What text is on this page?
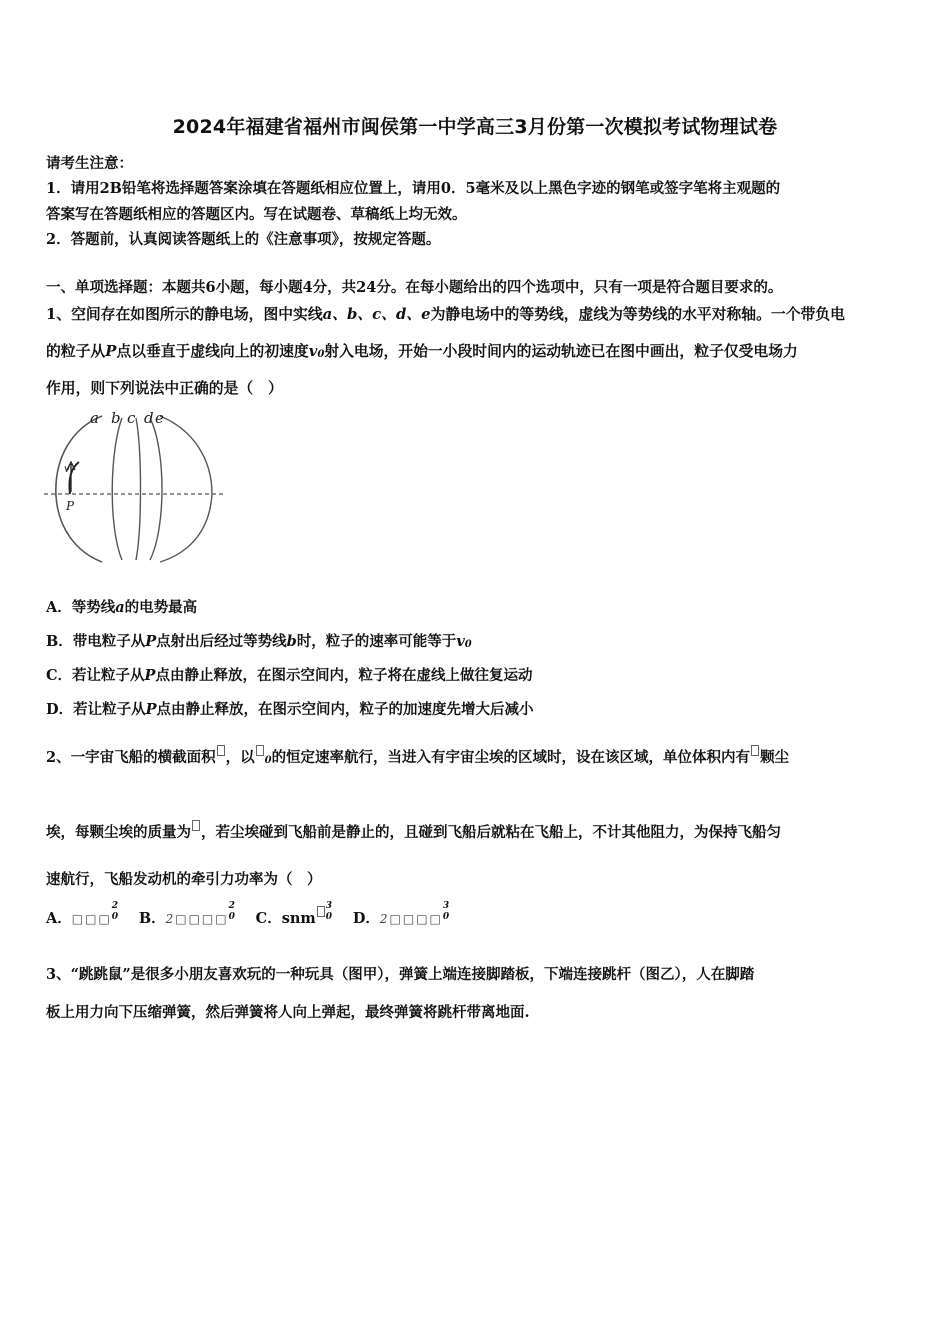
2024年福建省福州市闽侯第一中学高三3月份第一次模拟考试物理试卷
请考生注意：
1．请用2B铅笔将选择题答案涂填在答题纸相应位置上，请用0．5毫米及以上黑色字迹的钢笔或签字笔将主观题的
答案写在答题纸相应的答题区内。写在试题卷、草稿纸上均无效。
2．答题前，认真阅读答题纸上的《注意事项》，按规定答题。
一、单项选择题：本题共6小题，每小题4分，共24分。在每小题给出的四个选项中，只有一项是符合题目要求的。
1、空间存在如图所示的静电场，图中实线a、b、c、d、e为静电场中的等势线，虚线为等势线的水平对称轴。一个带负电
的粒子从P点以垂直于虚线向上的初速度v0射入电场，开始一小段时间内的运动轨迹已在图中画出，粒子仅受电场力
作用，则下列说法中正确的是（　）
a b c d e
v
P
A．等势线a的电势最高
B．带电粒子从P点射出后经过等势线b时，粒子的速率可能等于v0
C．若让粒子从P点由静止释放，在图示空间内，粒子将在虚线上做往复运动
D．若让粒子从P点由静止释放，在图示空间内，粒子的加速度先增大后减小
2、一宇宙飞船的横截面积 ，以 0的恒定速率航行，当进入有宇宙尘埃的区域时，设在该区域，单位体积内有 颗尘
埃，每颗尘埃的质量为 ，若尘埃碰到飞船前是静止的，且碰到飞船后就粘在飞船上，不计其他阻力，为保持飞船匀
速航行，飞船发动机的牵引力功率为（　）
A．□□□
2
0 B．2□□□□
2
0 C．snm
3
0 D．2□□□□
3
0
3、“跳跳鼠”是很多小朋友喜欢玩的一种玩具（图甲），弹簧上端连接脚踏板，下端连接跳杆（图乙），人在脚踏
板上用力向下压缩弹簧，然后弹簧将人向上弹起，最终弹簧将跳杆带离地面.
